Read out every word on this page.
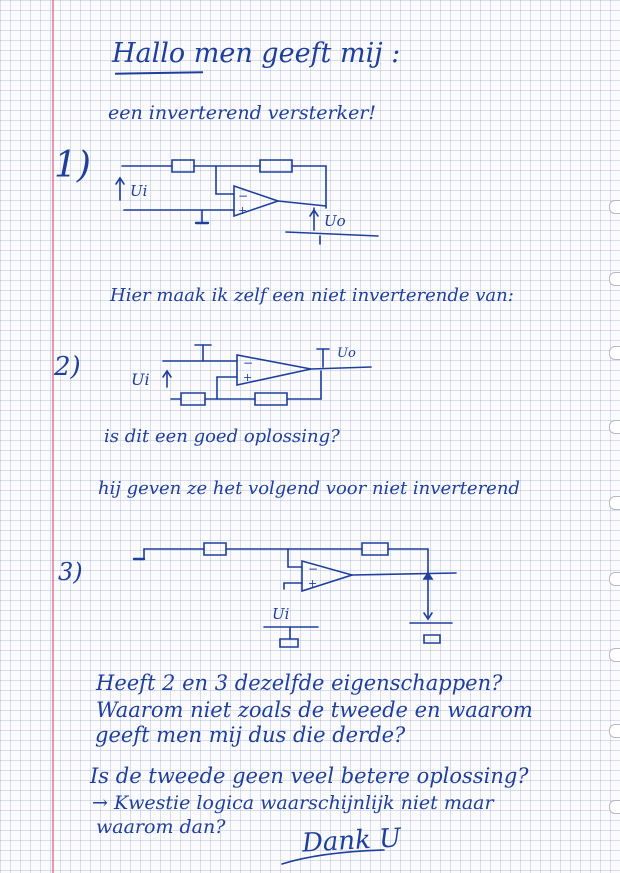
Hallo men geeft mij :
een inverterend versterker!
1)
−
+
Ui
Uo
Hier maak ik zelf een niet inverterende van:
2)	−
+
Ui
Uo
is dit een goed oplossing?
hij geven ze het volgend voor niet inverterend
3)	−
+
Ui
Heeft 2 en 3 dezelfde eigenschappen?
Waarom niet zoals de tweede en waarom
geeft men mij dus die derde?
Is de tweede geen veel betere oplossing?
→ Kwestie logica waarschijnlijk niet maar
waarom dan?	Dank U
